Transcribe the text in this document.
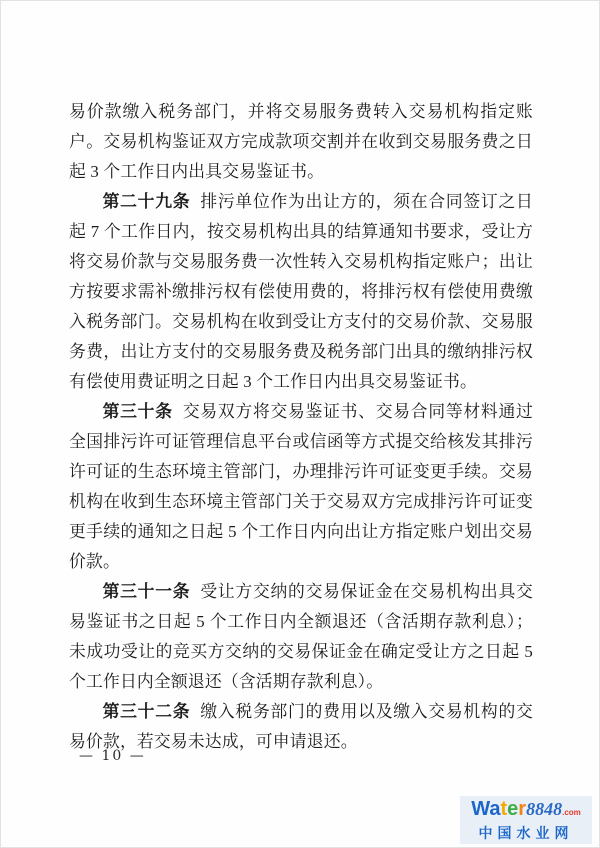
易价款缴入税务部门，并将交易服务费转入交易机构指定账户。交易机构鉴证双方完成款项交割并在收到交易服务费之日起 3 个工作日内出具交易鉴证书。

第二十九条 排污单位作为出让方的，须在合同签订之日起 7 个工作日内，按交易机构出具的结算通知书要求，受让方将交易价款与交易服务费一次性转入交易机构指定账户；出让方按要求需补缴排污权有偿使用费的，将排污权有偿使用费缴入税务部门。交易机构在收到受让方支付的交易价款、交易服务费，出让方支付的交易服务费及税务部门出具的缴纳排污权有偿使用费证明之日起 3 个工作日内出具交易鉴证书。

第三十条 交易双方将交易鉴证书、交易合同等材料通过全国排污许可证管理信息平台或信函等方式提交给核发其排污许可证的生态环境主管部门，办理排污许可证变更手续。交易机构在收到生态环境主管部门关于交易双方完成排污许可证变更手续的通知之日起 5 个工作日内向出让方指定账户划出交易价款。

第三十一条 受让方交纳的交易保证金在交易机构出具交易鉴证书之日起 5 个工作日内全额退还（含活期存款利息）；未成功受让的竞买方交纳的交易保证金在确定受让方之日起 5 个工作日内全额退还（含活期存款利息）。

第三十二条 缴入税务部门的费用以及缴入交易机构的交易价款，若交易未达成，可申请退还。

— 10 —
Water8848.com
中国水业网
